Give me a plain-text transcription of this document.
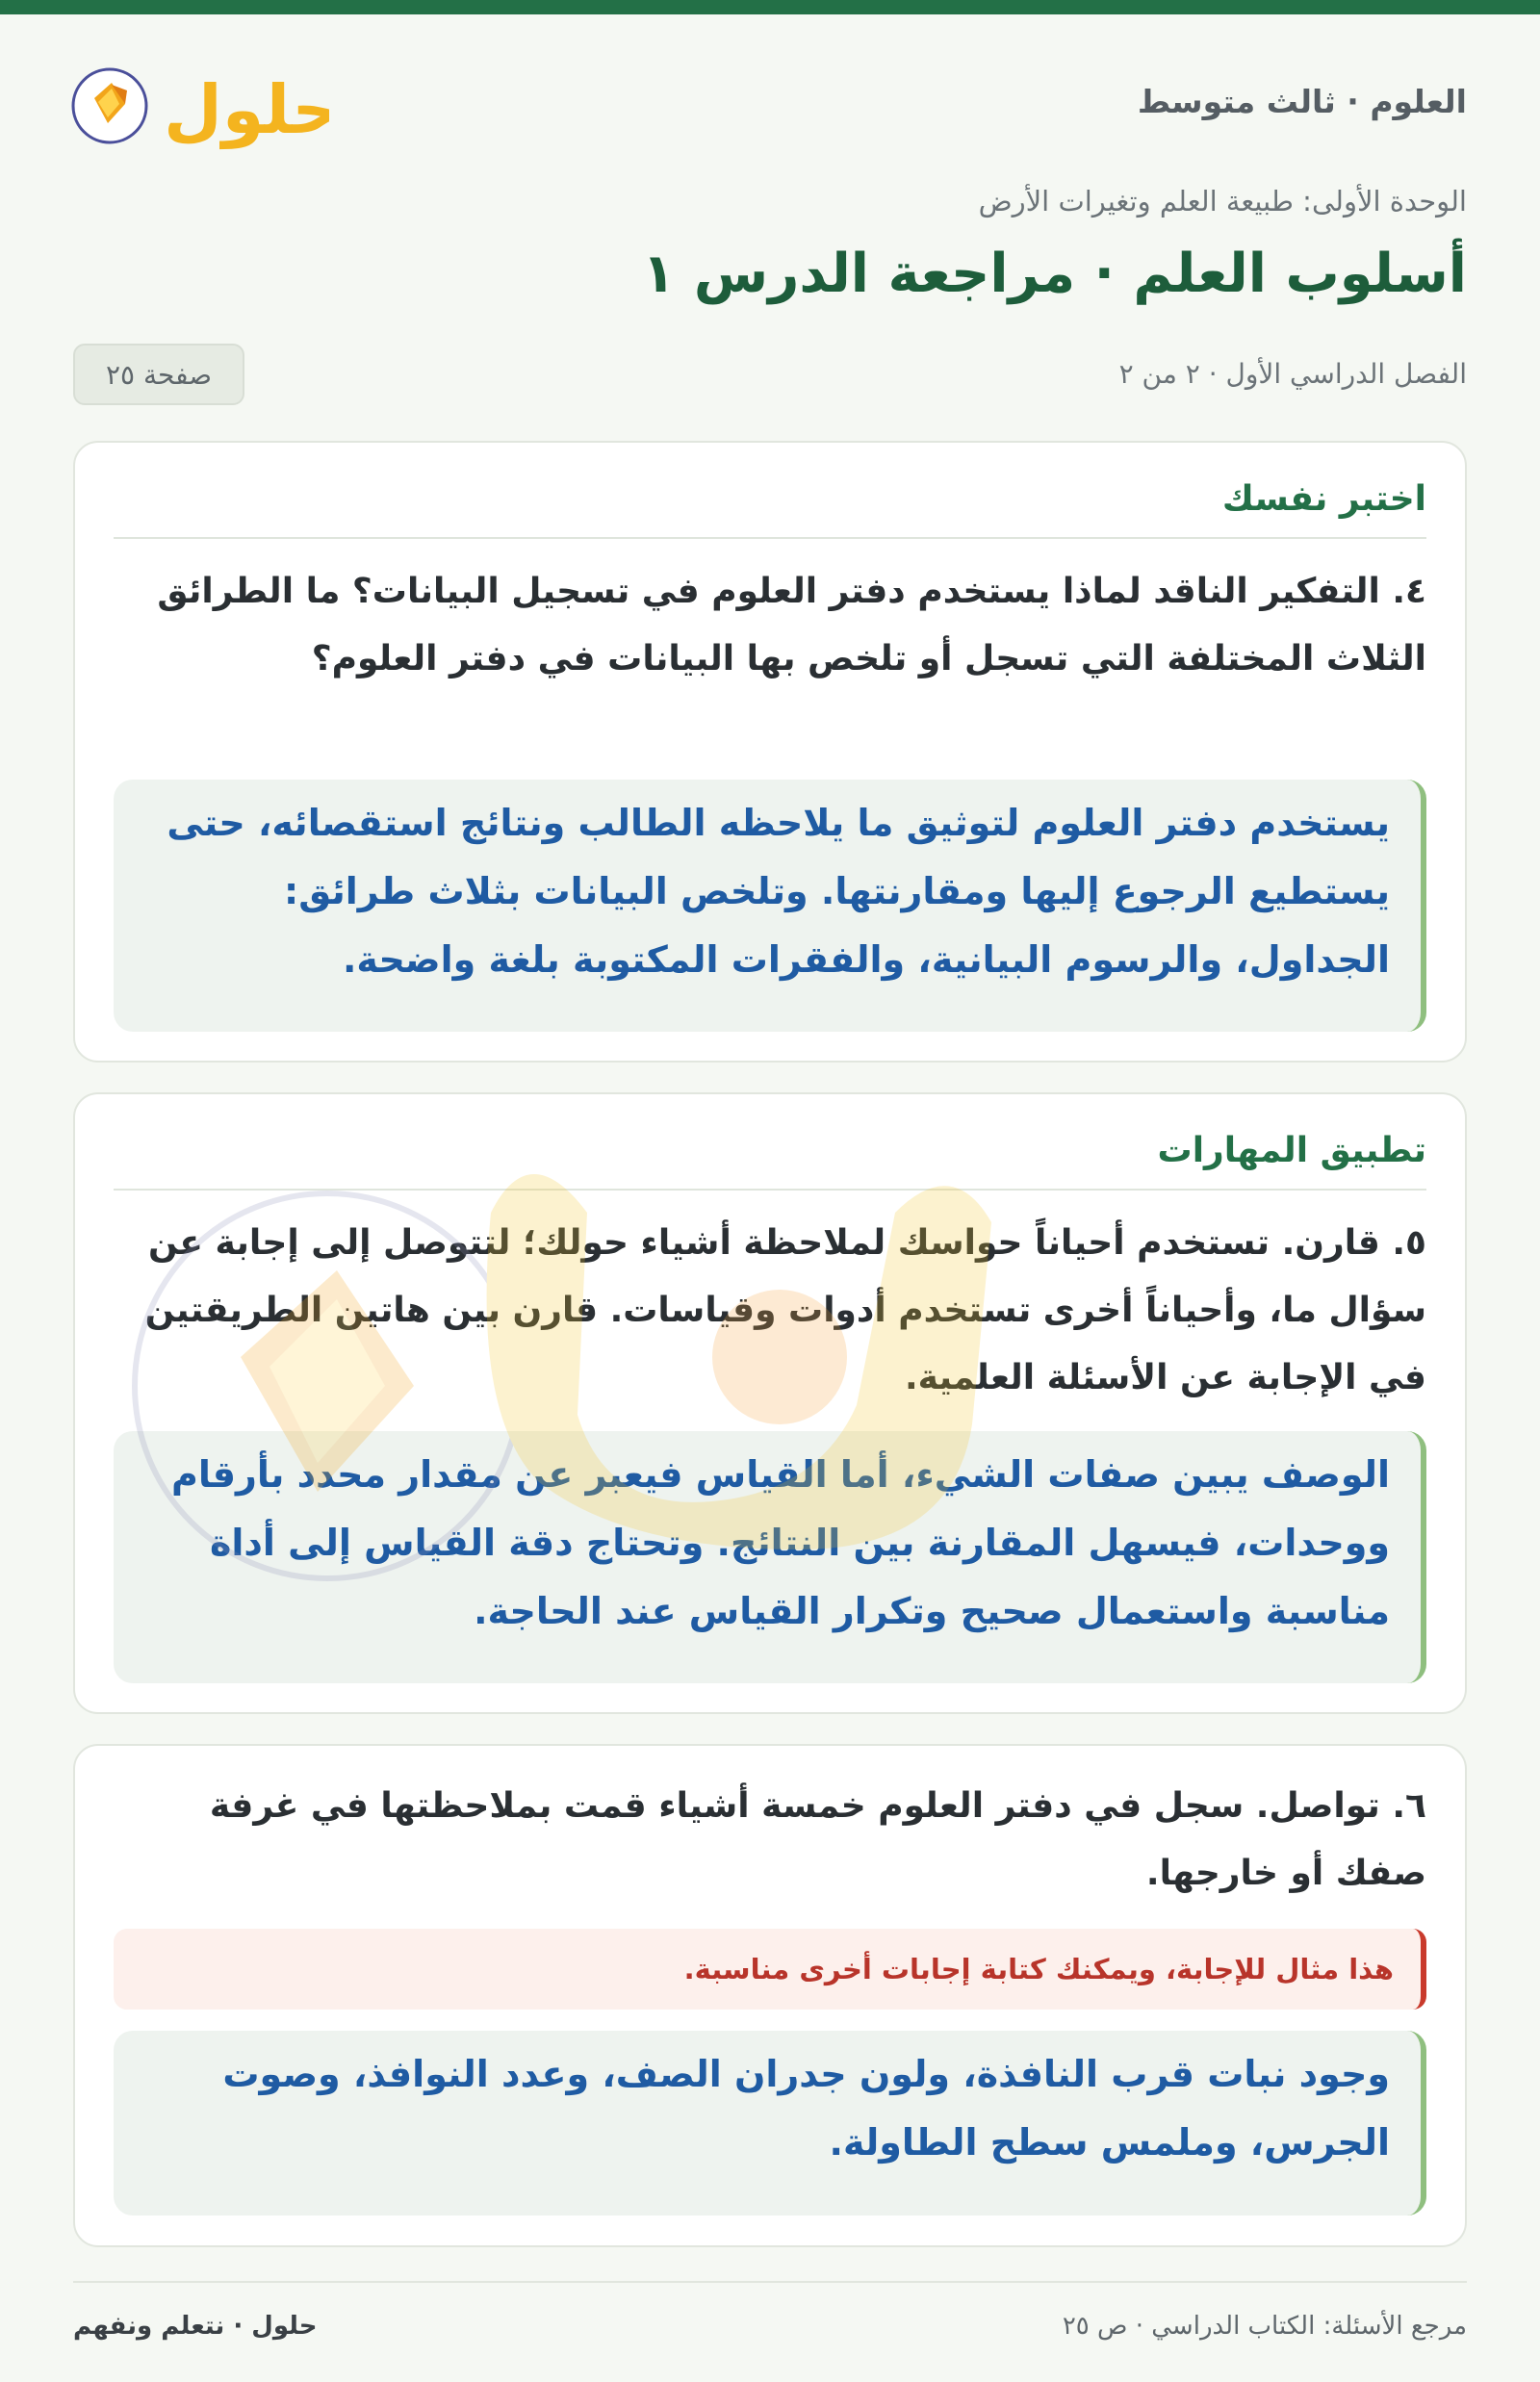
العلوم · ثالث متوسط
حلول
الوحدة الأولى: طبيعة العلم وتغيرات الأرض
أسلوب العلم · مراجعة الدرس ١
الفصل الدراسي الأول · ٢ من ٢
صفحة ٢٥
اختبر نفسك
٤. التفكير الناقد لماذا يستخدم دفتر العلوم في تسجيل البيانات؟ ما الطرائق الثلاث المختلفة التي تسجل أو تلخص بها البيانات في دفتر العلوم؟
يستخدم دفتر العلوم لتوثيق ما يلاحظه الطالب ونتائج استقصائه، حتى يستطيع الرجوع إليها ومقارنتها. وتلخص البيانات بثلاث طرائق: الجداول، والرسوم البيانية، والفقرات المكتوبة بلغة واضحة.
تطبيق المهارات
٥. قارن. تستخدم أحياناً حواسك لملاحظة أشياء حولك؛ لتتوصل إلى إجابة عن سؤال ما، وأحياناً أخرى تستخدم أدوات وقياسات. قارن بين هاتين الطريقتين في الإجابة عن الأسئلة العلمية.
الوصف يبين صفات الشيء، أما القياس فيعبر عن مقدار محدد بأرقام ووحدات، فيسهل المقارنة بين النتائج. وتحتاج دقة القياس إلى أداة مناسبة واستعمال صحيح وتكرار القياس عند الحاجة.
٦. تواصل. سجل في دفتر العلوم خمسة أشياء قمت بملاحظتها في غرفة صفك أو خارجها.
هذا مثال للإجابة، ويمكنك كتابة إجابات أخرى مناسبة.
وجود نبات قرب النافذة، ولون جدران الصف، وعدد النوافذ، وصوت الجرس، وملمس سطح الطاولة.
مرجع الأسئلة: الكتاب الدراسي · ص ٢٥
حلول · نتعلم ونفهم
